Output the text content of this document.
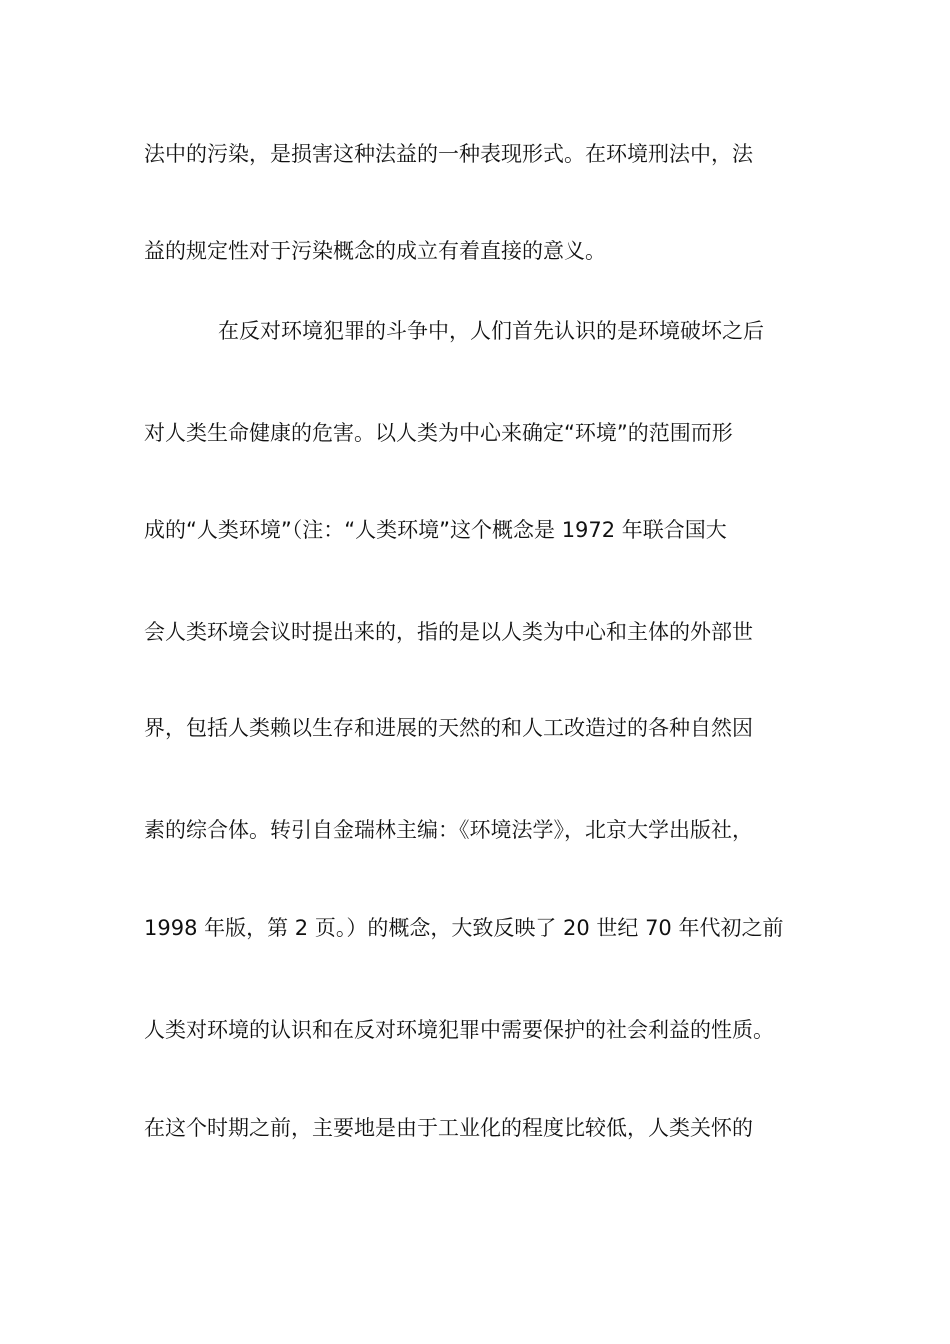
法中的污染，是损害这种法益的一种表现形式。在环境刑法中，法
益的规定性对于污染概念的成立有着直接的意义。
在反对环境犯罪的斗争中，人们首先认识的是环境破坏之后
对人类生命健康的危害。以人类为中心来确定“环境”的范围而形
成的“人类环境”（注：“人类环境”这个概念是 1972 年联合国大
会人类环境会议时提出来的，指的是以人类为中心和主体的外部世
界，包括人类赖以生存和进展的天然的和人工改造过的各种自然因
素的综合体。转引自金瑞林主编：《环境法学》，北京大学出版社，
1998 年版，第 2 页。）的概念，大致反映了 20 世纪 70 年代初之前
人类对环境的认识和在反对环境犯罪中需要保护的社会利益的性质。
在这个时期之前，主要地是由于工业化的程度比较低，人类关怀的
